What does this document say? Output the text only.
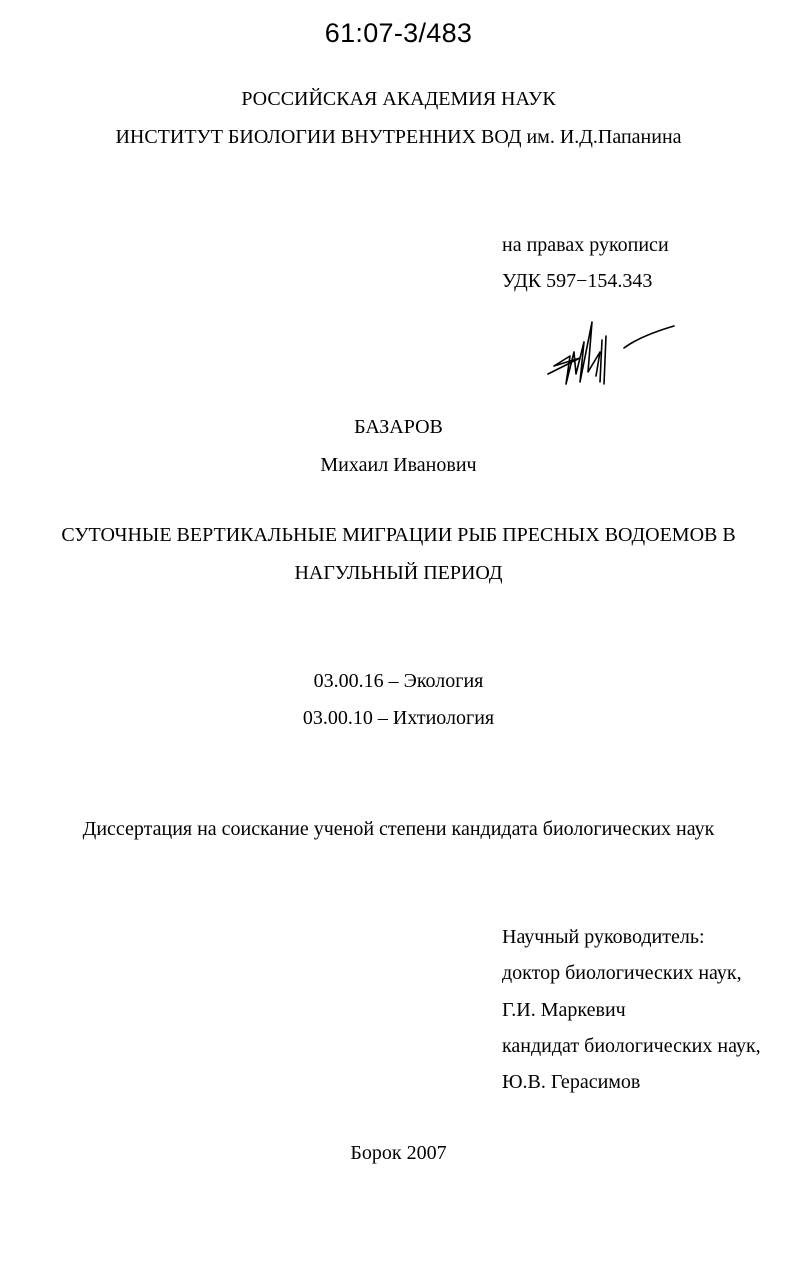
61:07-3/483
РОССИЙСКАЯ АКАДЕМИЯ НАУК
ИНСТИТУТ БИОЛОГИИ ВНУТРЕННИХ ВОД им. И.Д.Папанина
на правах рукописи
УДК 597−154.343
БАЗАРОВ
Михаил Иванович
СУТОЧНЫЕ ВЕРТИКАЛЬНЫЕ МИГРАЦИИ РЫБ ПРЕСНЫХ ВОДОЕМОВ В
НАГУЛЬНЫЙ ПЕРИОД
03.00.16 – Экология
03.00.10 – Ихтиология
Диссертация на соискание ученой степени кандидата биологических наук
Научный руководитель:
доктор биологических наук,
Г.И. Маркевич
кандидат биологических наук,
Ю.В. Герасимов
Борок 2007
